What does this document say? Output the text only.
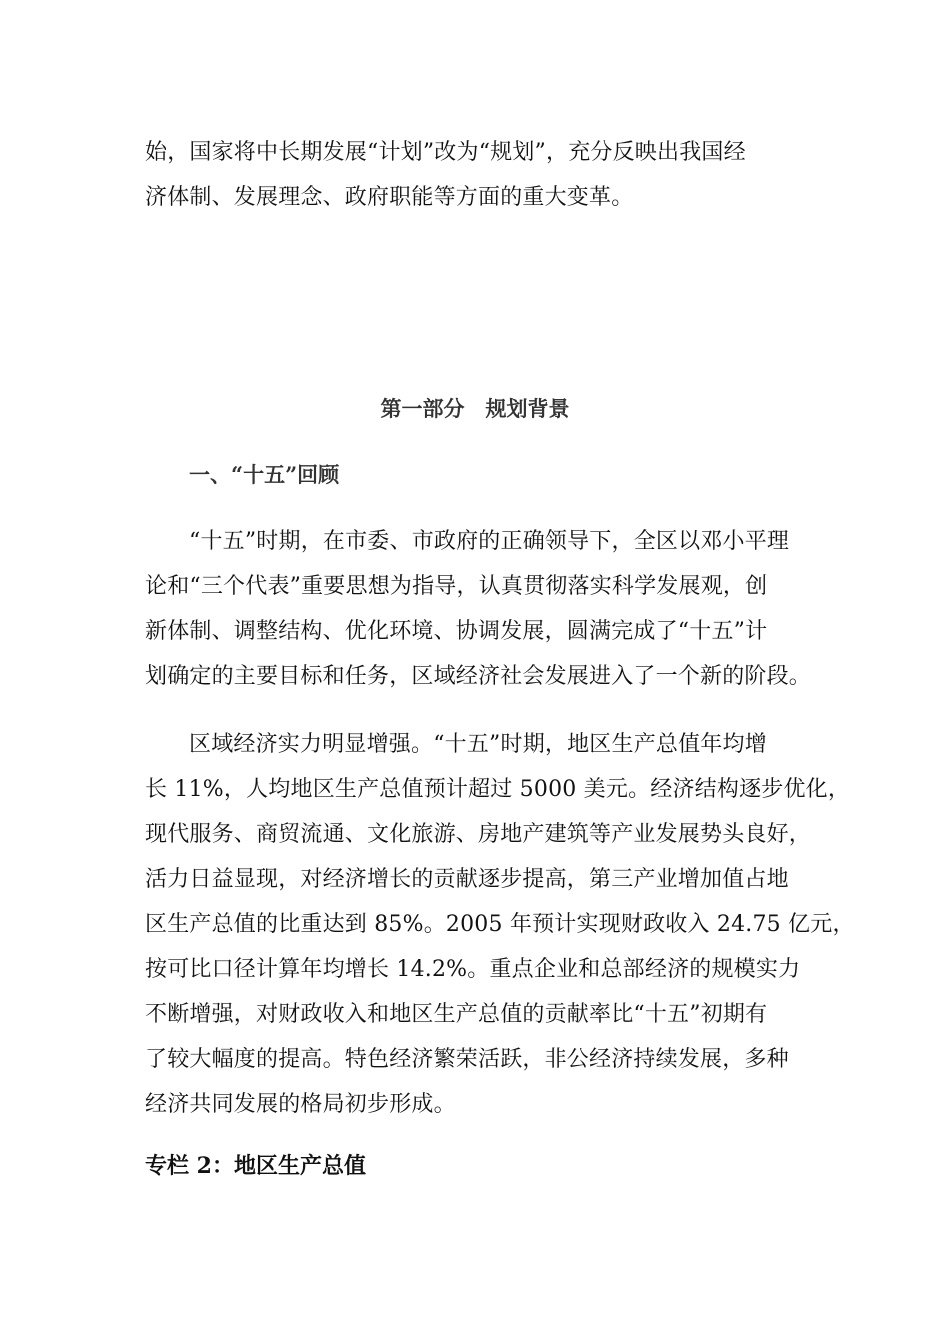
始，国家将中长期发展“计划”改为“规划”，充分反映出我国经
济体制、发展理念、政府职能等方面的重大变革。
第一部分　规划背景
一、“十五”回顾
“十五”时期，在市委、市政府的正确领导下，全区以邓小平理
论和“三个代表”重要思想为指导，认真贯彻落实科学发展观，创
新体制、调整结构、优化环境、协调发展，圆满完成了“十五”计
划确定的主要目标和任务，区域经济社会发展进入了一个新的阶段。
区域经济实力明显增强。“十五”时期，地区生产总值年均增
长 11%，人均地区生产总值预计超过 5000 美元。经济结构逐步优化，
现代服务、商贸流通、文化旅游、房地产建筑等产业发展势头良好，
活力日益显现，对经济增长的贡献逐步提高，第三产业增加值占地
区生产总值的比重达到 85%。2005 年预计实现财政收入 24.75 亿元，
按可比口径计算年均增长 14.2%。重点企业和总部经济的规模实力
不断增强，对财政收入和地区生产总值的贡献率比“十五”初期有
了较大幅度的提高。特色经济繁荣活跃，非公经济持续发展，多种
经济共同发展的格局初步形成。
专栏 2：地区生产总值
